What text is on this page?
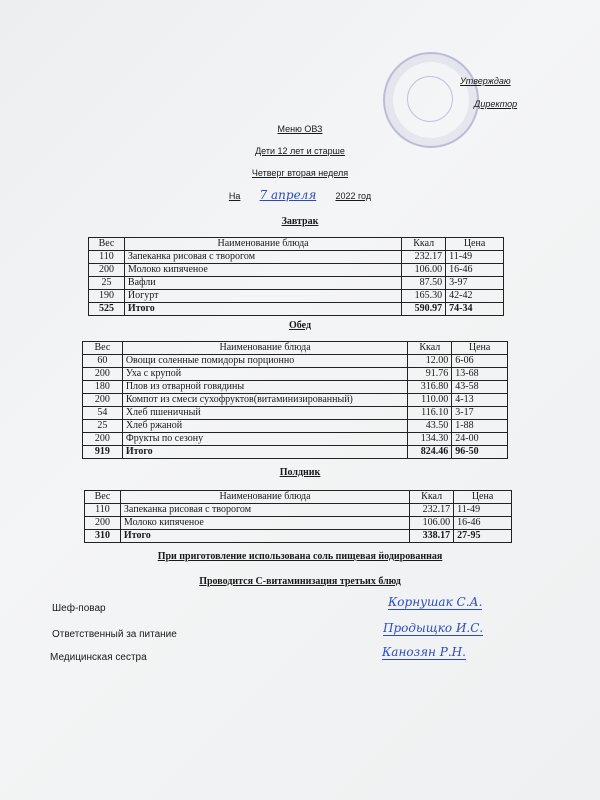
Утверждаю
Директор
Меню ОВЗ
Дети 12 лет и старше
Четверг вторая неделя
На 7 апреля 2022 год
Завтрак
Вес	Наименование блюда	Ккал	Цена
110	Запеканка рисовая с творогом	232.17	11-49
200	Молоко кипяченое	106.00	16-46
25	Вафли	87.50	3-97
190	Йогурт	165.30	42-42
525	Итого	590.97	74-34
Обед
Вес	Наименование блюда	Ккал	Цена
60	Овощи соленные помидоры порционно	12.00	6-06
200	Уха с крупой	91.76	13-68
180	Плов из отварной говядины	316.80	43-58
200	Компот из смеси сухофруктов(витаминизированный)	110.00	4-13
54	Хлеб пшеничный	116.10	3-17
25	Хлеб ржаной	43.50	1-88
200	Фрукты по сезону	134.30	24-00
919	Итого	824.46	96-50
Полдник
Вес	Наименование блюда	Ккал	Цена
110	Запеканка рисовая с творогом	232.17	11-49
200	Молоко кипяченое	106.00	16-46
310	Итого	338.17	27-95
При приготовление использована соль пищевая йодированная
Проводится С-витаминизация третьих блюд
Шеф-повар	Корнушак С.А.
Ответственный за питание	Продыщко И.С.
Медицинская сестра	Канозян Р.Н.
